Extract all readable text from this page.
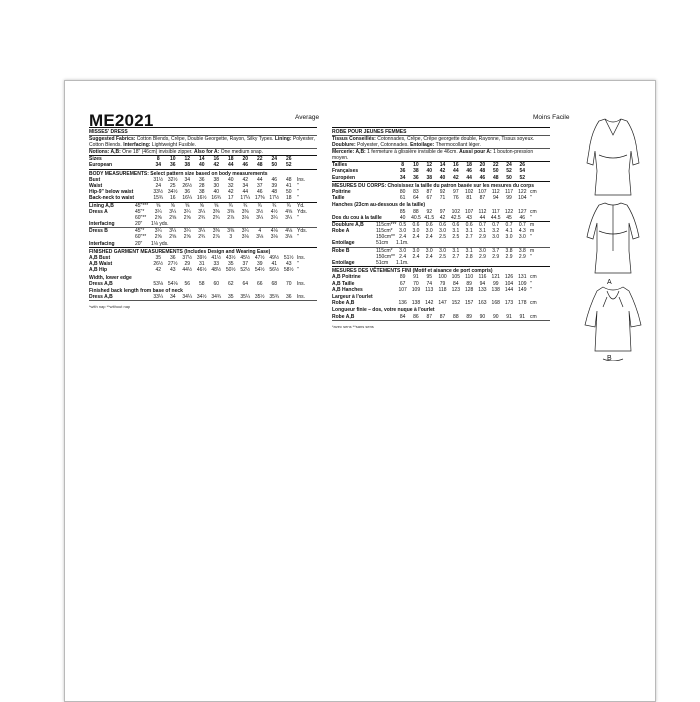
ME2021	Average	Moins Facile
MISSES' DRESS
Suggested Fabrics: Cotton Blends, Crêpe, Double Georgette, Rayon, Silky Types. Lining: Polyester, Cotton Blends. Interfacing: Lightweight Fusible.
Notions: A,B: One 18" (46cm) invisible zipper. Also for A: One medium snap.
Sizes	8	10	12	14	16	18	20	22	24	26
European	34	36	38	40	42	44	46	48	50	52
BODY MEASUREMENTS: Select pattern size based on body measurements
Bust	31½ 32½	34	36	38	40	42	44	46	48	Ins.
Waist	24	25	26½	28	30	32	34	37	39	41	"
Hip-9" below waist	33½ 34½	36	38	40	42	44	46	48	50	"
Back-neck to waist	15¾	16	16¼ 16½ 16¾	17	17¼ 17⅜ 17½	18	"
Lining A,B	45"***	⅝	⅝	⅝	⅝	⅝	¾	¾	¾	¾	¾	Yd.
Dress A	45"*	3¼	3¼	3¼	3¼	3⅜	3⅜	3⅜	3½	4½	4⅝ Yds.
60"**	2⅝	2⅝	2⅝	2¾	2¾	2⅞	3⅛	3¼	3¼	3¼ "
Interfacing	20"	1⅛ yds.
Dress B	45"*	3¼	3¼	3¼	3¼	3⅜	3⅜	3¼	4	4⅛	4⅛ Yds.
60"**	2⅝	2⅝	2⅝	2¾	2⅞	3	3⅛	3⅛	3⅛	3⅛ "
Interfacing	20"	1⅛ yds.
FINISHED GARMENT MEASUREMENTS (Includes Design and Wearing Ease)
A,B Bust	35	36	37½ 39½ 41½ 43½ 45½ 47½ 49½ 51½ Ins.
A,B Waist	26½ 27½	29	31	33	35	37	39	41	43	"
A,B Hip	42	43	44½ 46½ 48½ 50½ 52½ 54½ 56½ 58½ "
Width, lower edge
Dress A,B	53⅛ 54⅛	56	58	60	62	64	66	68	70	Ins.
Finished back length from base of neck
Dress A,B	33¼	34	34¼ 34½ 34¾	35	35¼ 35½ 35¾	36	Ins.
*with nap **without nap
ROBE POUR JEUNES FEMMES
Tissus Conseillés: Cotonnades, Crêpe, Crêpe georgette double, Rayonne, Tissus soyeux. Doublure: Polyester, Cotonnades. Entoilage: Thermocollant léger.
Mercerie: A,B: 1 fermeture à glissière invisible de 46cm. Aussi pour A: 1 bouton-pression moyen.
Tailles	8	10	12	14	16	18	20	22	24	26
Françaises	36	38	40	42	44	46	48	50	52	54
Européen	34	36	38	40	42	44	46	48	50	52
MESURES DU CORPS: Choisissez la taille du patron basée sur les mesures du corps
Poitrine	80	83	87	92	97	102 107	112	117	122 cm
Taille	61	64	67	71	76	81	87	94	99	104 "
Hanches (23cm au-dessous de la taille)
85	88	92	97	102 107	112	117	122 127 cm
Dos du cou à la taille	40	40.5 41.5	42	42.5	43	44	44.5	45	46 "
Doublure A,B	115cm*** 0.5	0.6	0.6	0.6	0.6	0.6	0.7	0.7	0.7	0.7 m
Robe A	115cm*	3.0	3.0	3.0	3.0	3.1	3.1	3.1	3.2	4.1	4.3 m
150cm** 2.4	2.4	2.4	2.5	2.5	2.7	2.9	3.0	3.0	3.0 "
Entoilage	51cm	1.1m.
Robe B	115cm*	3.0	3.0	3.0	3.0	3.1	3.1	3.0	3.7	3.8	3.8 m
150cm** 2.4	2.4	2.4	2.5	2.7	2.8	2.9	2.9	2.9	2.9 "
Entoilage	51cm	1.1m.
MESURES DES VÊTEMENTS FINI (Motif et aisance de port compris)
A,B Poitrine	89	91	95	100 105	110	116	121 126 131 cm
A,B Taille	67	70	74	79	84	89	94	99	104 109 "
A,B Hanches	107 109	113	118	123 128 133 138 144 149 "
Largeur à l'ourlet
Robe A,B	136 138 142 147 152 157 163 168 173 178 cm
Longueur finie – dos, votre nuque à l'ourlet
Robe A,B	84	86	87	87	88	89	90	90	91	91 cm
*avec sens **sans sens
A
B
